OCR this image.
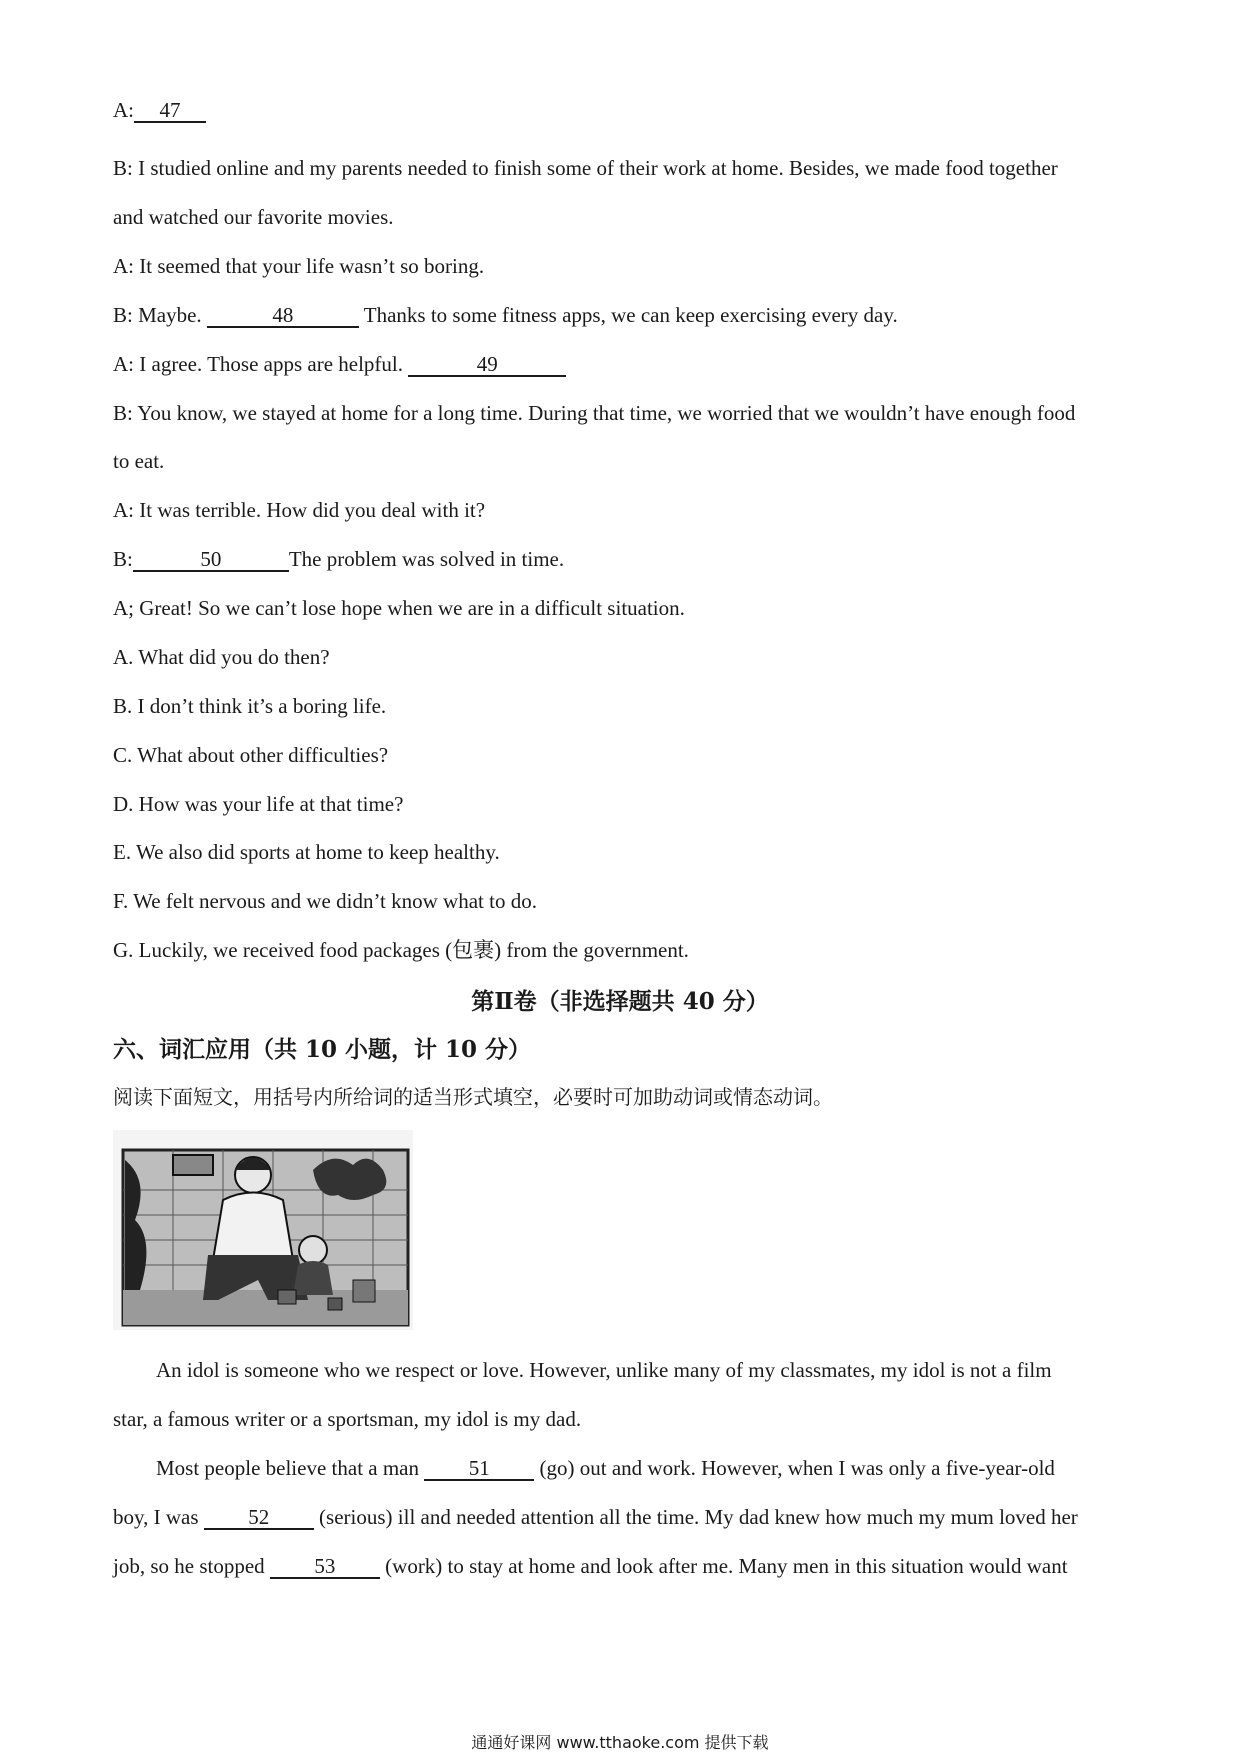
A: 47
B: I studied online and my parents needed to finish some of their work at home. Besides, we made food together
and watched our favorite movies.
A: It seemed that your life wasn’t so boring.
B: Maybe.	48	Thanks to some fitness apps, we can keep exercising every day.
A: I agree. Those apps are helpful.	49
B: You know, we stayed at home for a long time. During that time, we worried that we wouldn’t have enough food
to eat.
A: It was terrible. How did you deal with it?
B:	50	The problem was solved in time.
A; Great! So we can’t lose hope when we are in a difficult situation.
A. What did you do then?
B. I don’t think it’s a boring life.
C. What about other difficulties?
D. How was your life at that time?
E. We also did sports at home to keep healthy.
F. We felt nervous and we didn’t know what to do.
G. Luckily, we received food packages (包裹) from the government.
第Ⅱ卷（非选择题共 40 分）
六、词汇应用（共 10 小题，计 10 分）
阅读下面短文，用括号内所给词的适当形式填空，必要时可加助动词或情态动词。
An idol is someone who we respect or love. However, unlike many of my classmates, my idol is not a film
star, a famous writer or a sportsman, my idol is my dad.
Most people believe that a man 51 (go) out and work. However, when I was only a five-year-old
boy, I was 52 (serious) ill and needed attention all the time. My dad knew how much my mum loved her
job, so he stopped 53 (work) to stay at home and look after me. Many men in this situation would want
通通好课网 www.tthaoke.com 提供下载
